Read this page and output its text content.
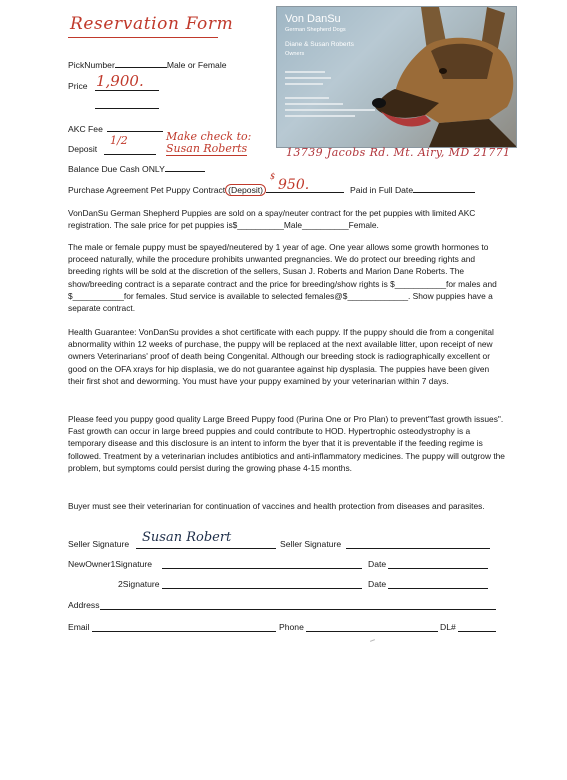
Reservation Form	Von DanSu
German Shepherd Dogs
Diane & Susan Roberts
Owners
13739 Jacobs Rd. Mt. Airy, MD 21771
PickNumber	Male or Female
Price 1,900.
AKC Fee
Deposit
1/2	Make check to:
Susan Roberts
Balance Due Cash ONLY
Purchase Agreement Pet Puppy Contract (Deposit)	Paid in Full Date
$
950.
VonDanSu German Shepherd Puppies are sold on a spay/neuter contract for the pet puppies with limited AKC registration. The sale price for pet puppies is$__________Male__________Female.
The male or female puppy must be spayed/neutered by 1 year of age. One year allows some growth hormones to proceed naturally, while the procedure prohibits unwanted pregnancies. We do protect our breeding rights and breeding rights will be sold at the discretion of the sellers, Susan J. Roberts and Marion Dane Roberts. The show/breeding contract is a separate contract and the price for breeding/show rights is $___________for males and $___________for females. Stud service is available to selected females@$_____________. Show puppies have a separate contract.
Health Guarantee: VonDanSu provides a shot certificate with each puppy. If the puppy should die from a congenital abnormality within 12 weeks of purchase, the puppy will be replaced at the next available litter, upon receipt of new owners Veterinarians' proof of death being Congenital. Although our breeding stock is radiographically excellent or good on the OFA xrays for hip displasia, we do not guarantee against hip dysplasia. The puppies have been given their first shot and deworming. You must have your puppy examined by your veterinarian within 7 days.
Please feed you puppy good quality Large Breed Puppy food (Purina One or Pro Plan) to prevent"fast growth issues". Fast growth can occur in large breed puppies and could contribute to HOD. Hypertrophic osteodystrophy is a temporary disease and this disclosure is an intent to inform the byer that it is preventable if the feeding regime is followed. Treatment by a veterinarian includes antibiotics and anti-inflammatory medicines. The puppy will outgrow the problem, but symptoms could persist during the growing phase 4-15 months.
Buyer must see their veterinarian for continuation of vaccines and health protection from diseases and parasites.
Seller Signature Susan Robert	Seller Signature
NewOwner1Signature	Date
2Signature	Date
Address
Email	Phone	DL#
